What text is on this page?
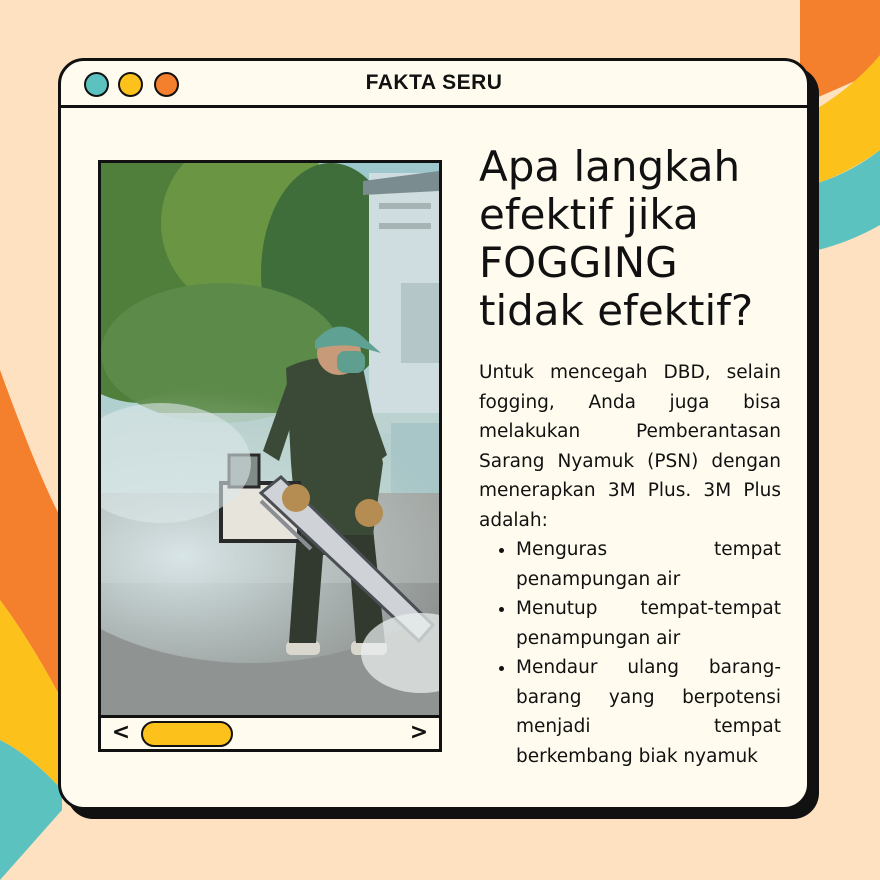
FAKTA SERU
<	>
Apa langkah efektif jika FOGGING tidak efektif?

Untuk mencegah DBD, selain fogging, Anda juga bisa melakukan Pemberantasan Sarang Nyamuk (PSN) dengan menerapkan 3M Plus. 3M Plus adalah:

• Menguras tempat penampungan air
• Menutup tempat-tempat penampungan air
• Mendaur ulang barang-barang yang berpotensi menjadi tempat berkembang biak nyamuk
